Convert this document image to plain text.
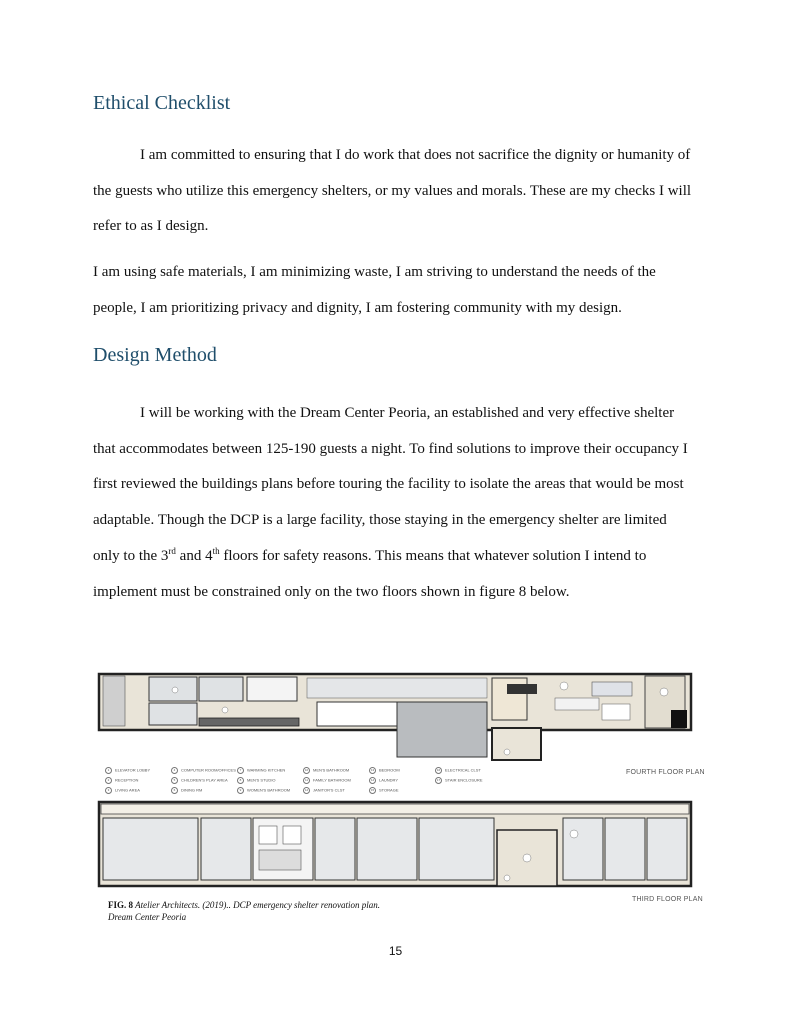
Ethical Checklist

I am committed to ensuring that I do work that does not sacrifice the dignity or humanity of the guests who utilize this emergency shelters, or my values and morals. These are my checks I will refer to as I design.

I am using safe materials, I am minimizing waste, I am striving to understand the needs of the people, I am prioritizing privacy and dignity, I am fostering community with my design.

Design Method

I will be working with the Dream Center Peoria, an established and very effective shelter that accommodates between 125-190 guests a night. To find solutions to improve their occupancy I first reviewed the buildings plans before touring the facility to isolate the areas that would be most adaptable. Though the DCP is a large facility, those staying in the emergency shelter are limited only to the 3rd and 4th floors for safety reasons. This means that whatever solution I intend to implement must be constrained only on the two floors shown in figure 8 below.

1 ELEVATOR LOBBY
2 RECEPTION
3 LIVING AREA
4 COMPUTER ROOM/OFFICES
5 CHILDREN'S PLAY AREA
6 DINING RM
7 WARMING KITCHEN
8 MEN'S STUDIO
9 WOMEN'S BATHROOM
10 MEN'S BATHROOM
11 FAMILY BATHROOM
12 JANITOR'S CLST
13 BEDROOM
14 LAUNDRY
15 STORAGE
16 ELECTRICAL CLST
17 STAIR ENCLOSURE
FOURTH FLOOR PLAN
THIRD FLOOR PLAN
FIG. 8 Atelier Architects. (2019).. DCP emergency shelter renovation plan.
Dream Center Peoria
15
